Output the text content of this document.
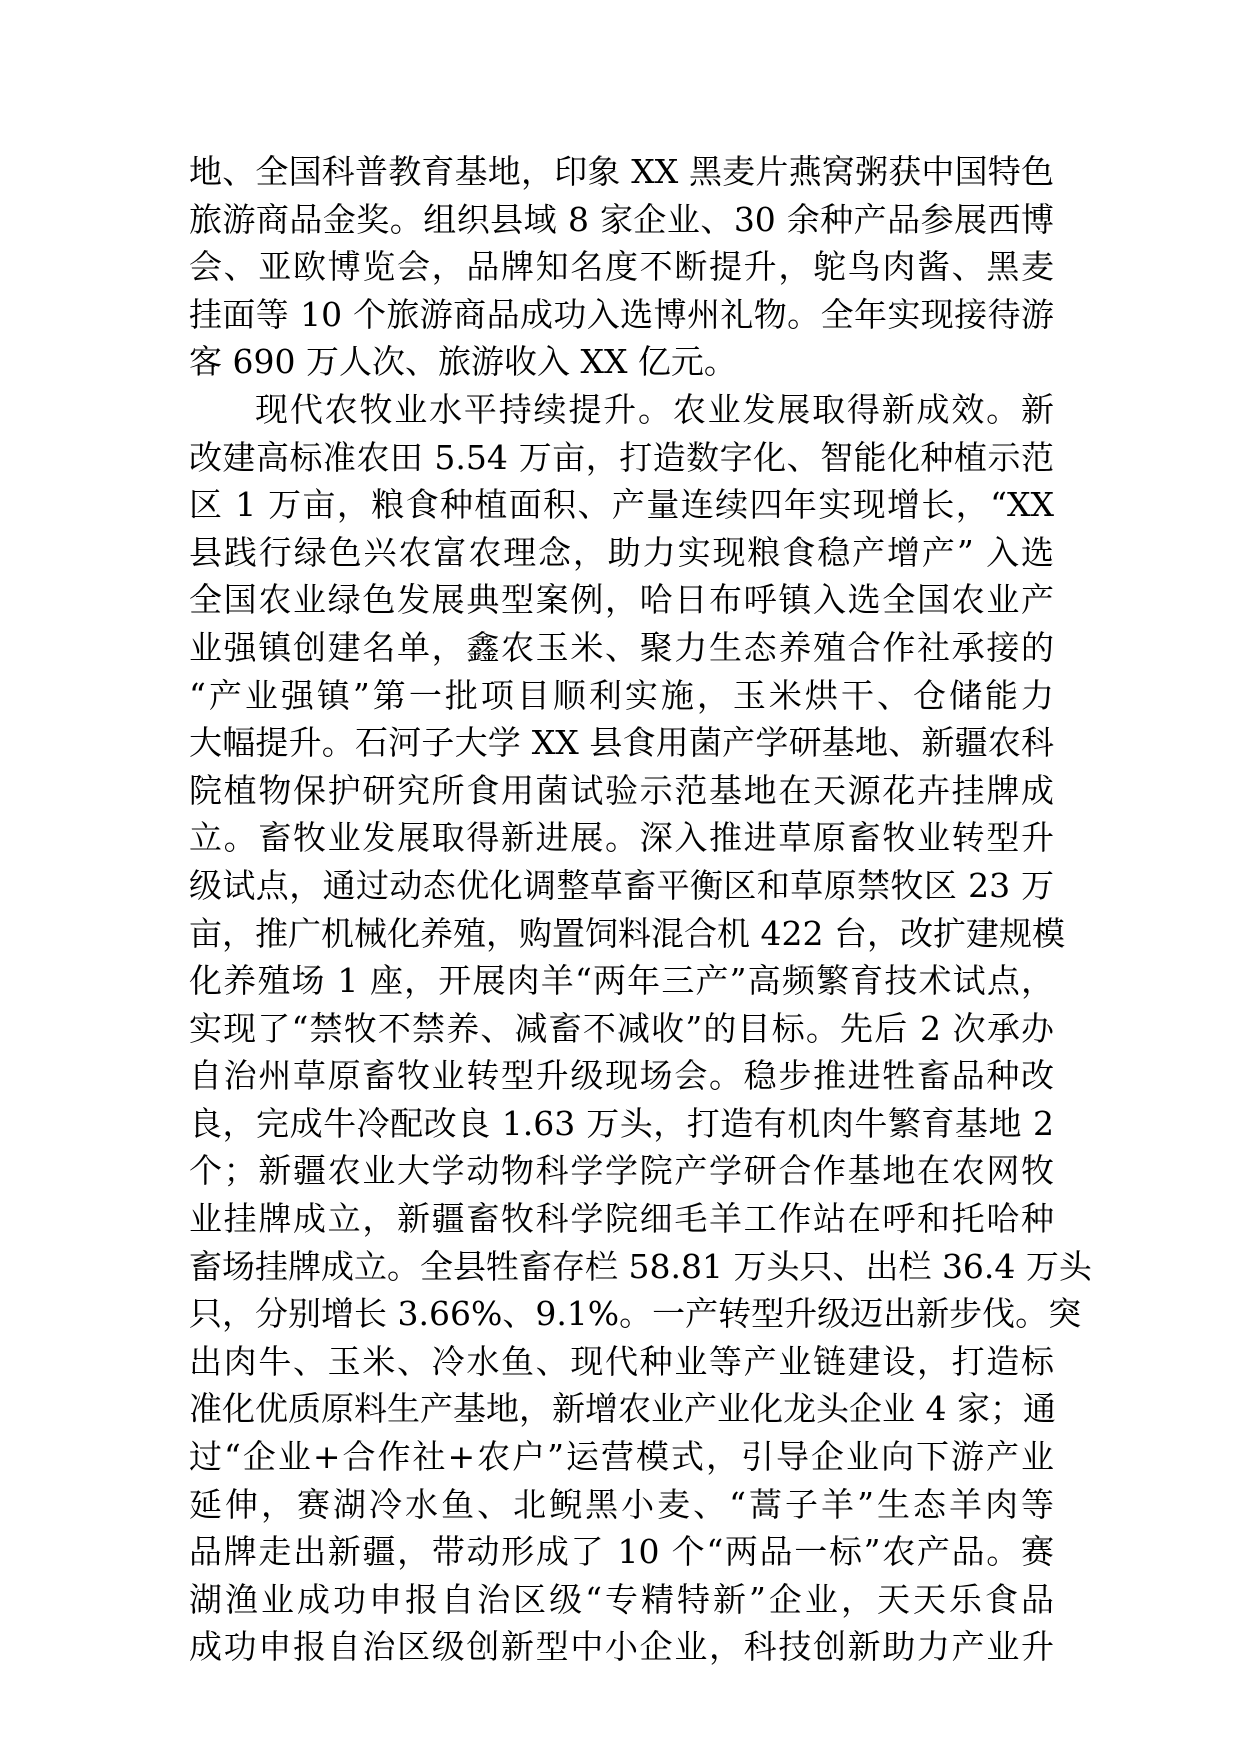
地、全国科普教育基地，印象 XX 黑麦片燕窝粥获中国特色
旅游商品金奖。组织县域 8 家企业、30 余种产品参展西博
会、亚欧博览会，品牌知名度不断提升，鸵鸟肉酱、黑麦
挂面等 10 个旅游商品成功入选博州礼物。全年实现接待游
客 690 万人次、旅游收入 XX 亿元。
现代农牧业水平持续提升。农业发展取得新成效。新
改建高标准农田 5.54 万亩，打造数字化、智能化种植示范
区 1 万亩，粮食种植面积、产量连续四年实现增长，“XX
县践行绿色兴农富农理念，助力实现粮食稳产增产” 入选
全国农业绿色发展典型案例，哈日布呼镇入选全国农业产
业强镇创建名单，鑫农玉米、聚力生态养殖合作社承接的
“产业强镇”第一批项目顺利实施，玉米烘干、仓储能力
大幅提升。石河子大学 XX 县食用菌产学研基地、新疆农科
院植物保护研究所食用菌试验示范基地在天源花卉挂牌成
立。畜牧业发展取得新进展。深入推进草原畜牧业转型升
级试点，通过动态优化调整草畜平衡区和草原禁牧区 23 万
亩，推广机械化养殖，购置饲料混合机 422 台，改扩建规模
化养殖场 1 座，开展肉羊“两年三产”高频繁育技术试点，
实现了“禁牧不禁养、减畜不减收”的目标。先后 2 次承办
自治州草原畜牧业转型升级现场会。稳步推进牲畜品种改
良，完成牛冷配改良 1.63 万头，打造有机肉牛繁育基地 2
个；新疆农业大学动物科学学院产学研合作基地在农网牧
业挂牌成立，新疆畜牧科学院细毛羊工作站在呼和托哈种
畜场挂牌成立。全县牲畜存栏 58.81 万头只、出栏 36.4 万头
只，分别增长 3.66%、9.1%。一产转型升级迈出新步伐。突
出肉牛、玉米、冷水鱼、现代种业等产业链建设，打造标
准化优质原料生产基地，新增农业产业化龙头企业 4 家；通
过“企业+合作社+农户”运营模式，引导企业向下游产业
延伸，赛湖冷水鱼、北鲵黑小麦、“蒿子羊”生态羊肉等
品牌走出新疆，带动形成了 10 个“两品一标”农产品。赛
湖渔业成功申报自治区级“专精特新”企业，天天乐食品
成功申报自治区级创新型中小企业，科技创新助力产业升
